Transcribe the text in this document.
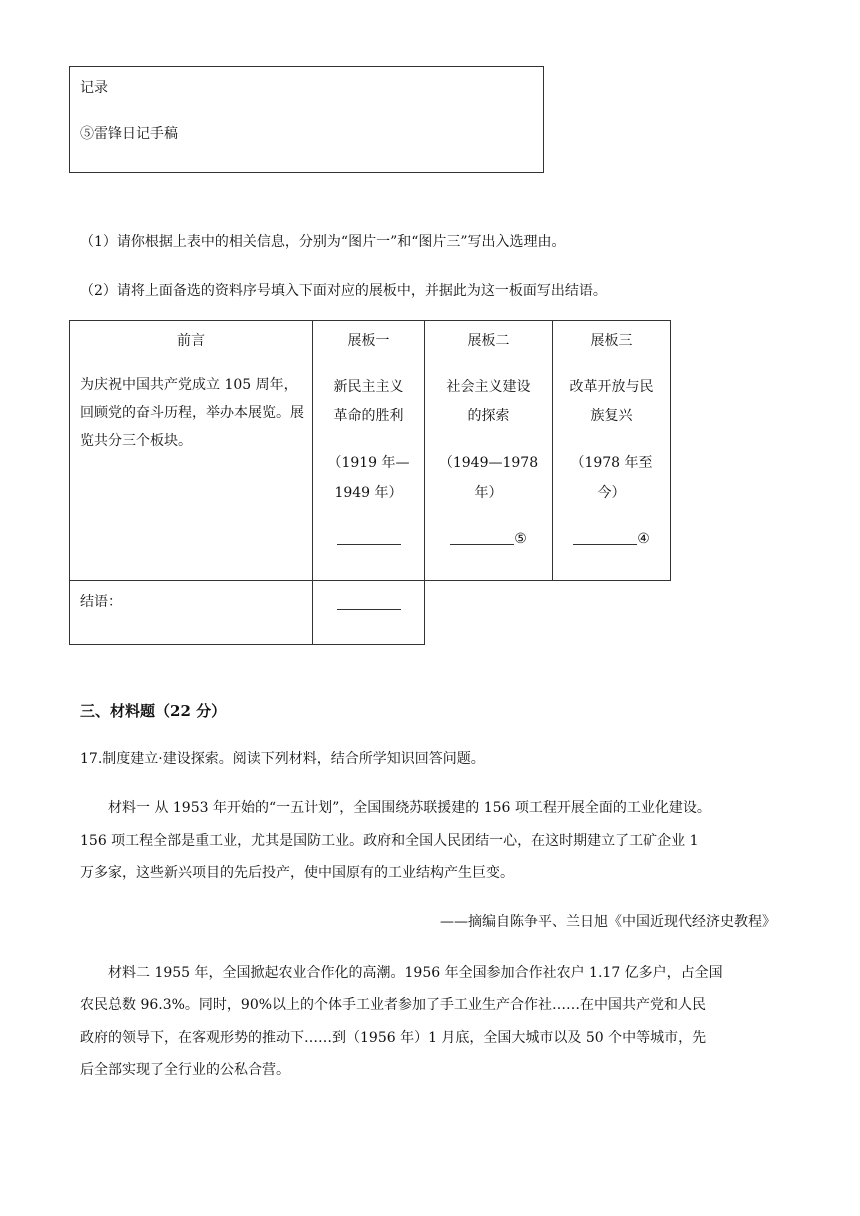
记录
⑤雷锋日记手稿
（1）请你根据上表中的相关信息，分别为“图片一”和“图片三”写出入选理由。
（2）请将上面备选的资料序号填入下面对应的展板中，并据此为这一板面写出结语。
前言
为庆祝中国共产党成立 105 周年，回顾党的奋斗历程，举办本展览。展览共分三个板块。
展板一
新民主主义
革命的胜利
（1919 年—
1949 年）
展板二
社会主义建设
的探索
（1949—1978
年）
⑤
展板三
改革开放与民
族复兴
（1978 年至
今）
④
结语：
三、材料题（22 分）
17.制度建立·建设探索。阅读下列材料，结合所学知识回答问题。
材料一 从 1953 年开始的“一五计划”，全国围绕苏联援建的 156 项工程开展全面的工业化建设。
156 项工程全部是重工业，尤其是国防工业。政府和全国人民团结一心，在这时期建立了工矿企业 1
万多家，这些新兴项目的先后投产，使中国原有的工业结构产生巨变。
——摘编自陈争平、兰日旭《中国近现代经济史教程》
材料二 1955 年，全国掀起农业合作化的高潮。1956 年全国参加合作社农户 1.17 亿多户，占全国
农民总数 96.3%。同时，90%以上的个体手工业者参加了手工业生产合作社……在中国共产党和人民
政府的领导下，在客观形势的推动下……到（1956 年）1 月底，全国大城市以及 50 个中等城市，先
后全部实现了全行业的公私合营。
